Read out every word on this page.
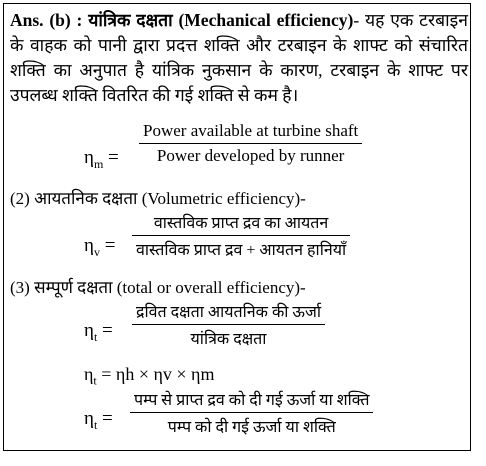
Ans. (b) : यांत्रिक दक्षता (Mechanical efficiency)- यह एक टरबाइन के वाहक को पानी द्वारा प्रदत्त शक्ति और टरबाइन के शाफ्ट को संचारित शक्ति का अनुपात है यांत्रिक नुकसान के कारण, टरबाइन के शाफ्ट पर उपलब्ध शक्ति वितरित की गई शक्ति से कम है।
$\eta_m$ =
Power available at turbine shaft
Power developed by runner
(2) आयतनिक दक्षता (Volumetric efficiency)-
$\eta_v$ =
वास्तविक प्राप्त द्रव का आयतन
वास्तविक प्राप्त द्रव + आयतन हानियाँ
(3) सम्पूर्ण दक्षता (total or overall efficiency)-
$\eta_t$ =
द्रवित दक्षता आयतनिक की ऊर्जा
यांत्रिक दक्षता
$\eta_t = \eta h \times \eta v \times \eta m$
$\eta_t$ =
पम्प से प्राप्त द्रव को दी गई ऊर्जा या शक्ति
पम्प को दी गई ऊर्जा या शक्ति
